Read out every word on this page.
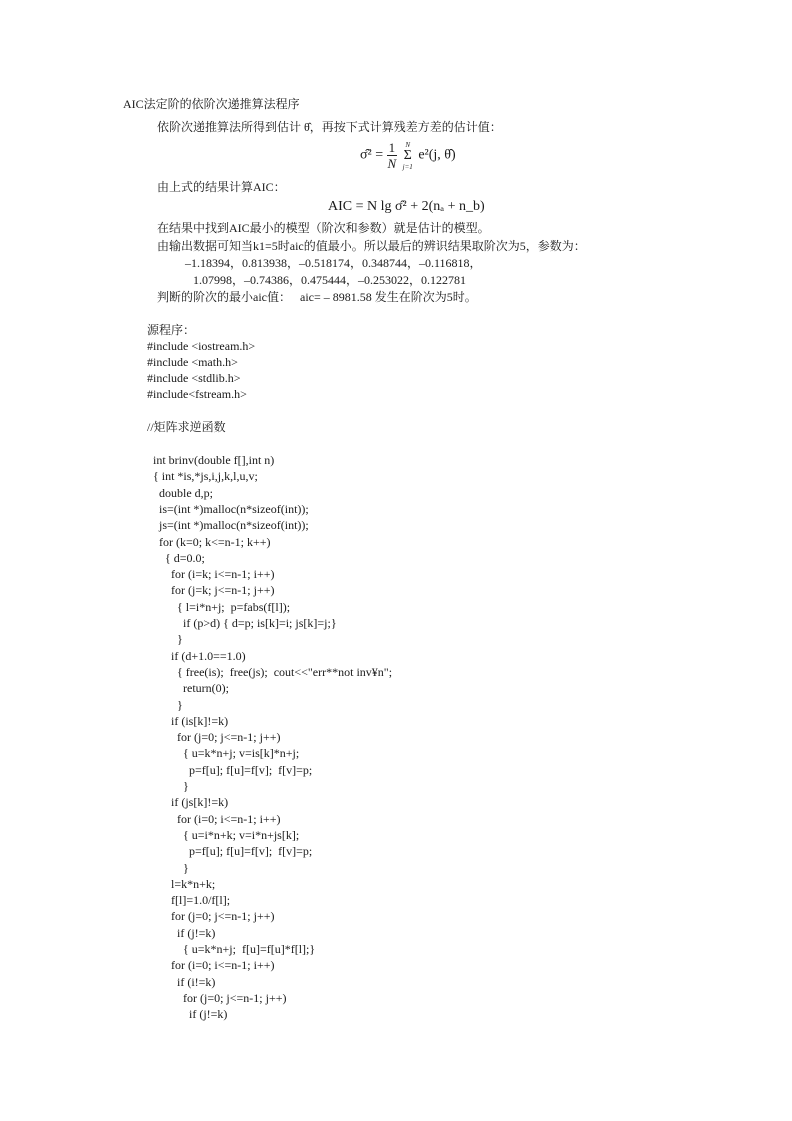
AIC法定阶的依阶次递推算法程序
依阶次递推算法所得到估计 θ̂，再按下式计算残差方差的估计值：
σ̂² = $\frac{1}{N}$
	N
Σ
j=1
e²(j, θ̂)
由上式的结果计算AIC：
AIC = N lg σ̂² + 2(nₐ + n_b)
在结果中找到AIC最小的模型（阶次和参数）就是估计的模型。
由输出数据可知当k1=5时aic的值最小。所以最后的辨识结果取阶次为5，参数为：
–1.18394，0.813938，–0.518174，0.348744，–0.116818，
1.07998，–0.74386，0.475444，–0.253022，0.122781
判断的阶次的最小aic值：   aic= – 8981.58 发生在阶次为5时。
源程序：
#include <iostream.h>
#include <math.h>
#include <stdlib.h>
#include<fstream.h>
//矩阵求逆函数
int brinv(double f[],int n)
{ int *is,*js,i,j,k,l,u,v;
double d,p;
is=(int *)malloc(n*sizeof(int));
js=(int *)malloc(n*sizeof(int));
for (k=0; k<=n-1; k++)
{ d=0.0;
for (i=k; i<=n-1; i++)
for (j=k; j<=n-1; j++)
{ l=i*n+j;  p=fabs(f[l]);
if (p>d) { d=p; is[k]=i; js[k]=j;}
}
if (d+1.0==1.0)
{ free(is);  free(js);  cout<<"err**not inv¥n";
return(0);
}
if (is[k]!=k)
for (j=0; j<=n-1; j++)
{ u=k*n+j; v=is[k]*n+j;
p=f[u]; f[u]=f[v];  f[v]=p;
}
if (js[k]!=k)
for (i=0; i<=n-1; i++)
{ u=i*n+k; v=i*n+js[k];
p=f[u]; f[u]=f[v];  f[v]=p;
}
l=k*n+k;
f[l]=1.0/f[l];
for (j=0; j<=n-1; j++)
if (j!=k)
{ u=k*n+j;  f[u]=f[u]*f[l];}
for (i=0; i<=n-1; i++)
if (i!=k)
for (j=0; j<=n-1; j++)
if (j!=k)
